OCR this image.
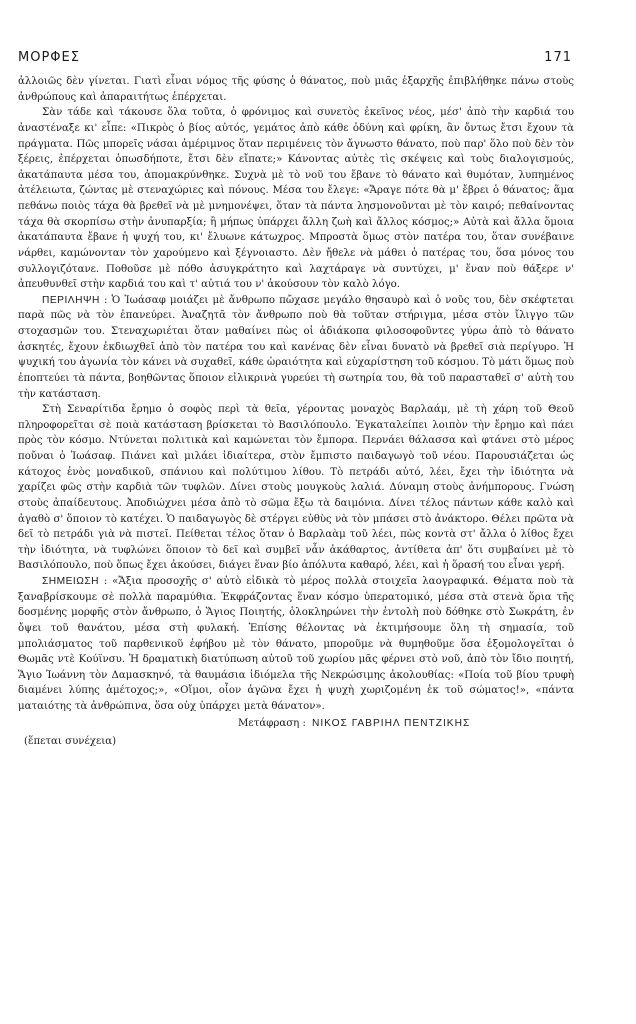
ΜΟΡΦΕΣ	171

ἀλλοιῶς δὲν γίνεται. Γιατὶ εἶναι νόμος τῆς φύσης ὁ θάνατος, ποὺ μιᾶς ἐξαρχῆς ἐπιβλήθηκε πάνω στοὺς ἀνθρώπους καὶ ἀπαραιτήτως ἐπέρχεται.

Σὰν τάδε καὶ τάκουσε ὅλα τοῦτα, ὁ φρόνιμος καὶ συνετὸς ἐκεῖνος νέος, μέσ' ἀπὸ τὴν καρδιά του ἀναστέναξε κι' εἶπε: «Πικρὸς ὁ βίος αὐτός, γεμάτος ἀπὸ κάθε ὀδύνη καὶ φρίκη, ἂν ὄντως ἔτσι ἔχουν τὰ πράγματα. Πῶς μπορεῖς νάσαι ἀμέριμνος ὅταν περιμένεις τὸν ἄγνωστο θάνατο, ποὺ παρ' ὅλο ποὺ δὲν τὸν ξέρεις, ἐπέρχεται ὁπωσδήποτε, ἔτσι δὲν εἴπατε;» Κάνοντας αὐτὲς τὶς σκέψεις καὶ τοὺς διαλογισμούς, ἀκατάπαυτα μέσα του, ἀπομακρύνθηκε. Συχνὰ μὲ τὸ νοῦ του ἔβανε τὸ θάνατο καὶ θυμόταν, λυπημένος ἀτέλειωτα, ζώντας μὲ στεναχώριες καὶ πόνους. Μέσα του ἔλεγε: «Ἄραγε πότε θὰ μ' ἔβρει ὁ θάνατος; ἅμα πεθάνω ποιὸς τάχα θὰ βρεθεῖ νὰ μὲ μνημονέψει, ὅταν τὰ πάντα λησμονοῦνται μὲ τὸν καιρό; πεθαίνοντας τάχα θὰ σκορπίσω στὴν ἀνυπαρξία; ἢ μήπως ὑπάρχει ἄλλη ζωὴ καὶ ἄλλος κόσμος;» Αὐτὰ καὶ ἄλλα ὅμοια ἀκατάπαυτα ἔβανε ἡ ψυχή του, κι' ἔλυωνε κάτωχρος. Μπροστὰ ὅμως στὸν πατέρα του, ὅταν συνέβαινε νάρθει, καμώνονταν τὸν χαρούμενο καὶ ξέγνοιαστο. Δὲν ἤθελε νὰ μάθει ὁ πατέρας του, ὅσα μόνος του συλλογιζότανε. Ποθοῦσε μὲ πόθο ἀσυγκράτητο καὶ λαχτάραγε νὰ συντύχει, μ' ἕναν ποὺ θάξερε ν' ἀπευθυνθεῖ στὴν καρδιά του καὶ τ' αὐτιά του ν' ἀκούσουν τὸν καλὸ λόγο.

ΠΕΡΙΛΗΨΗ : Ὁ Ἰωάσαφ μοιάζει μὲ ἄνθρωπο πὤχασε μεγάλο θησαυρὸ καὶ ὁ νοῦς του, δὲν σκέφτεται παρὰ πῶς νὰ τὸν ἐπανεύρει. Ἀναζητᾶ τὸν ἄνθρωπο ποὺ θὰ τοῦταν στήριγμα, μέσα στὸν ἴλιγγο τῶν στοχασμῶν του. Στεναχωριέται ὅταν μαθαίνει πὼς οἱ ἀδιάκοπα φιλοσοφοῦντες γύρω ἀπὸ τὸ θάνατο ἀσκητές, ἔχουν ἐκδιωχθεῖ ἀπὸ τὸν πατέρα του καὶ κανένας δὲν εἶναι δυνατὸ νὰ βρεθεῖ σιὰ περίγυρο. Ἡ ψυχική του ἀγωνία τὸν κάνει νὰ συχαθεῖ, κάθε ὡραιότητα καὶ εὐχαρίστηση τοῦ κόσμου. Τὸ μάτι ὅμως ποὺ ἐποπτεύει τὰ πάντα, βοηθῶντας ὅποιον εἰλικρινὰ γυρεύει τὴ σωτηρία του, θὰ τοῦ παρασταθεῖ σ' αὐτὴ του τὴν κατάσταση.

Στὴ Σεναρίτιδα ἔρημο ὁ σοφὸς περὶ τὰ θεῖα, γέροντας μοναχὸς Βαρλαάμ, μὲ τὴ χάρη τοῦ Θεοῦ πληροφορεῖται σὲ ποιὰ κατάσταση βρίσκεται τὸ Βασιλόπουλο. Ἐγκαταλείπει λοιπὸν τὴν ἔρημο καὶ πάει πρὸς τὸν κόσμο. Ντύνεται πολιτικὰ καὶ καμώνεται τὸν ἔμπορα. Περνάει θάλασσα καὶ φτάνει στὸ μέρος ποὔναι ὁ Ἰωάσαφ. Πιάνει καὶ μιλάει ἰδιαίτερα, στὸν ἔμπιστο παιδαγωγὸ τοῦ νέου. Παρουσιάζεται ὡς κάτοχος ἑνὸς μοναδικοῦ, σπάνιου καὶ πολύτιμου λίθου. Τὸ πετράδι αὐτό, λέει, ἔχει τὴν ἰδιότητα νὰ χαρίζει φῶς στὴν καρδιὰ τῶν τυφλῶν. Δίνει στοὺς μουγκοὺς λαλιά. Δύναμη στοὺς ἀνήμπορους. Γνώση στοὺς ἀπαίδευτους. Ἀποδιώχνει μέσα ἀπὸ τὸ σῶμα ἔξω τὰ δαιμόνια. Δίνει τέλος πάντων κάθε καλὸ καὶ ἀγαθὸ σ' ὅποιον τὸ κατέχει. Ὁ παιδαγωγὸς δὲ στέργει εὐθὺς νὰ τὸν μπάσει στὸ ἀνάκτορο. Θέλει πρῶτα νὰ δεῖ τὸ πετράδι γιὰ νὰ πιστεῖ. Πείθεται τέλος ὅταν ὁ Βαρλαὰμ τοῦ λέει, πὼς κοντὰ στ' ἄλλα ὁ λίθος ἔχει τὴν ἰδιότητα, νὰ τυφλώνει ὅποιον τὸ δεῖ καὶ συμβεῖ νἆν ἀκάθαρτος, ἀντίθετα ἀπ' ὅτι συμβαίνει μὲ τὸ Βασιλόπουλο, ποὺ ὅπως ἔχει ἀκούσει, διάγει ἕναν βίο ἀπόλυτα καθαρό, λέει, καὶ ἡ ὅρασή του εἶναι γερή.

ΣΗΜΕΙΩΣΗ : «Ἄξια προσοχῆς σ' αὐτὸ εἰδικὰ τὸ μέρος πολλὰ στοιχεῖα λαογραφικά. Θέματα ποὺ τὰ ξαναβρίσκουμε σὲ πολλὰ παραμύθια. Ἐκφράζοντας ἕναν κόσμο ὑπερατομικό, μέσα στὰ στενὰ ὅρια τῆς δοσμένης μορφῆς στὸν ἄνθρωπο, ὁ Ἅγιος Ποιητής, ὁλοκληρώνει τὴν ἐντολὴ ποὺ δόθηκε στὸ Σωκράτη, ἐν ὄψει τοῦ θανάτου, μέσα στὴ φυλακή. Ἐπίσης θέλοντας νὰ ἐκτιμήσουμε ὅλη τὴ σημασία, τοῦ μπολιάσματος τοῦ παρθενικοῦ ἐφήβου μὲ τὸν θάνατο, μποροῦμε νὰ θυμηθοῦμε ὅσα ἐξομολογεῖται ὁ Θωμᾶς ντὲ Κούϊνσυ. Ἡ δραματικὴ διατύπωση αὐτοῦ τοῦ χωρίου μᾶς φέρνει στὸ νοῦ, ἀπὸ τὸν ἴδιο ποιητή, Ἅγιο Ἰωάννη τὸν Δαμασκηνό, τὰ θαυμάσια ἰδιόμελα τῆς Νεκρώσιμης ἀκολουθίας: «Ποία τοῦ βίου τρυφὴ διαμένει λύπης ἀμέτοχος;», «Οἴμοι, οἷον ἀγῶνα ἔχει ἡ ψυχὴ χωριζομένη ἐκ τοῦ σώματος!», «πάντα ματαιότης τὰ ἀνθρώπινα, ὅσα οὐχ ὑπάρχει μετὰ θάνατον».

Μετάφραση : ΝΙΚΟΣ ΓΑΒΡΙΗΛ ΠΕΝΤΖΙΚΗΣ
(ἕπεται συνέχεια)
